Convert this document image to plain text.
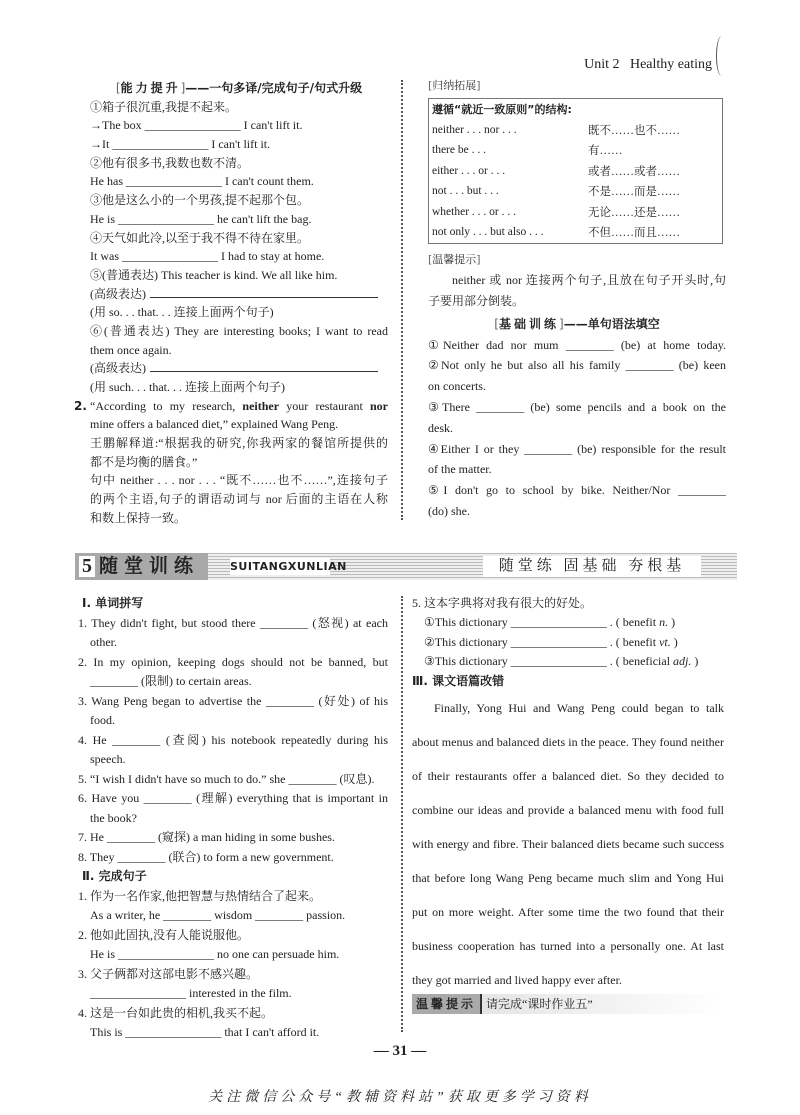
Unit 2 Healthy eating
[能力提升]——一句多译/完成句子/句式升级
①箱子很沉重,我提不起来。
→The box ________________ I can't lift it.
→It ________________ I can't lift it.
②他有很多书,我数也数不清。
He has ________________ I can't count them.
③他是这么小的一个男孩,提不起那个包。
He is ________________ he can't lift the bag.
④天气如此冷,以至于我不得不待在家里。
It was ________________ I had to stay at home.
⑤(普通表达) This teacher is kind. We all like him.
(高级表达)
(用 so. . . that. . . 连接上面两个句子)
⑥(普通表达) They are interesting books; I want to read
them once again.
(高级表达)
(用 such. . . that. . . 连接上面两个句子)
2. “According to my research, neither your restaurant nor
mine offers a balanced diet,” explained Wang Peng.
王鹏解释道:“根据我的研究,你我两家的餐馆所提供的
都不是均衡的膳食。”
句中 neither . . . nor . . . “既不……也不……”,连接句子
的两个主语,句子的谓语动词与 nor 后面的主语在人称
和数上保持一致。
[归纳拓展]
遵循“就近一致原则”的结构:	
neither . . . nor . . .	既不……也不……
there be . . .	有……
either . . . or . . .	或者……或者……
not . . . but . . .	不是……而是……
whether . . . or . . .	无论……还是……
not only . . . but also . . .	不但……而且……
[温馨提示]
neither 或 nor 连接两个句子,且放在句子开头时,句
子要用部分倒装。
[基础训练]——单句语法填空
①Neither dad nor mum ________ (be) at home today.
②Not only he but also all his family ________ (be) keen
on concerts.
③There ________ (be) some pencils and a book on the
desk.
④Either I or they ________ (be) responsible for the result
of the matter.
⑤I don't go to school by bike. Neither/Nor ________
(do) she.
5 随堂训练	SUITANGXUNLIAN	随堂练 固基础 夯根基
Ⅰ. 单词拼写
1. They didn't fight, but stood there ________ (怒视) at each
other.
2. In my opinion, keeping dogs should not be banned, but
________ (限制) to certain areas.
3. Wang Peng began to advertise the ________ (好处) of his
food.
4. He ________ (查阅) his notebook repeatedly during his
speech.
5. “I wish I didn't have so much to do.” she ________ (叹息).
6. Have you ________ (理解) everything that is important in
the book?
7. He ________ (窥探) a man hiding in some bushes.
8. They ________ (联合) to form a new government.
Ⅱ. 完成句子
1. 作为一名作家,他把智慧与热情结合了起来。
As a writer, he ________ wisdom ________ passion.
2. 他如此固执,没有人能说服他。
He is ________________ no one can persuade him.
3. 父子俩都对这部电影不感兴趣。
________________ interested in the film.
4. 这是一台如此贵的相机,我买不起。
This is ________________ that I can't afford it.
5. 这本字典将对我有很大的好处。
①This dictionary ________________ . ( benefit n. )
②This dictionary ________________ . ( benefit vt. )
③This dictionary ________________ . ( beneficial adj. )
Ⅲ. 课文语篇改错
Finally, Yong Hui and Wang Peng could began to talk
about menus and balanced diets in the peace. They found neither
of their restaurants offer a balanced diet. So they decided to
combine our ideas and provide a balanced menu with food full
with energy and fibre. Their balanced diets became such success
that before long Wang Peng became much slim and Yong Hui
put on more weight. After some time the two found that their
business cooperation has turned into a personally one. At last
they got married and lived happy ever after.
温馨提示 请完成“课时作业五”
— 31 —
关注微信公众号“教辅资料站”获取更多学习资料
